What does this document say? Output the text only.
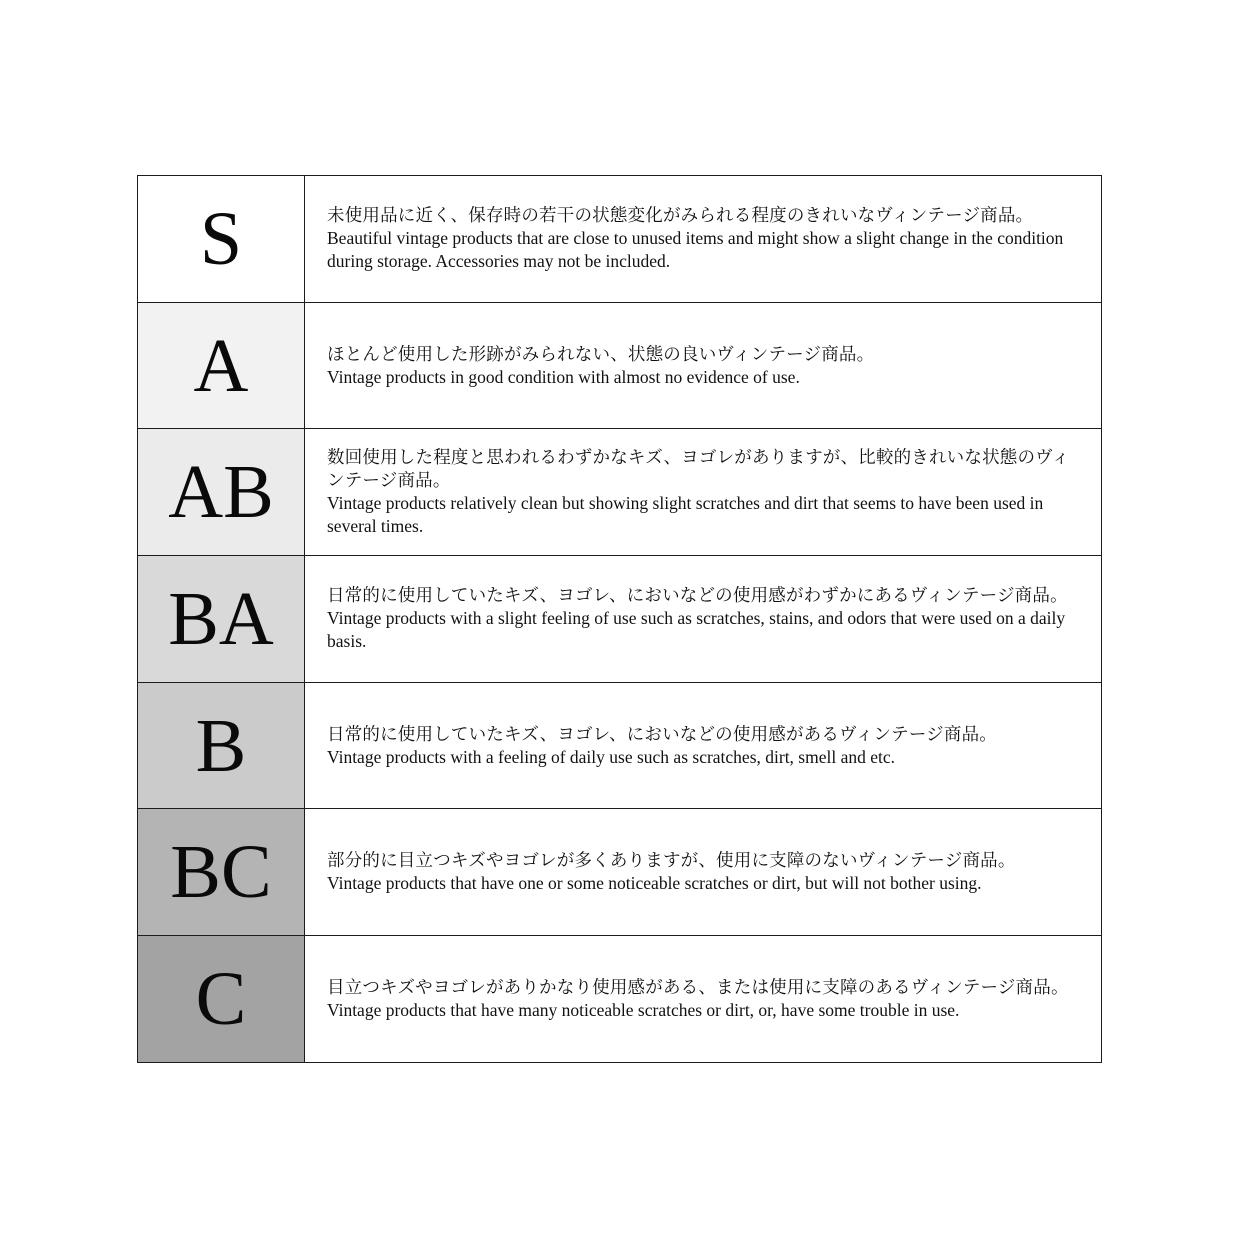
S	未使用品に近く、保存時の若干の状態変化がみられる程度のきれいなヴィンテージ商品。
Beautiful vintage products that are close to unused items and might show a slight change in the condition during storage. Accessories may not be included.

A	ほとんど使用した形跡がみられない、状態の良いヴィンテージ商品。
Vintage products in good condition with almost no evidence of use.

AB	数回使用した程度と思われるわずかなキズ、ヨゴレがありますが、比較的きれいな状態のヴィンテージ商品。
Vintage products relatively clean but showing slight scratches and dirt that seems to have been used in several times.

BA	日常的に使用していたキズ、ヨゴレ、においなどの使用感がわずかにあるヴィンテージ商品。
Vintage products with a slight feeling of use such as scratches, stains, and odors that were used on a daily basis.

B	日常的に使用していたキズ、ヨゴレ、においなどの使用感があるヴィンテージ商品。
Vintage products with a feeling of daily use such as scratches, dirt, smell and etc.

BC	部分的に目立つキズやヨゴレが多くありますが、使用に支障のないヴィンテージ商品。
Vintage products that have one or some noticeable scratches or dirt, but will not bother using.

C	目立つキズやヨゴレがありかなり使用感がある、または使用に支障のあるヴィンテージ商品。
Vintage products that have many noticeable scratches or dirt, or, have some trouble in use.
